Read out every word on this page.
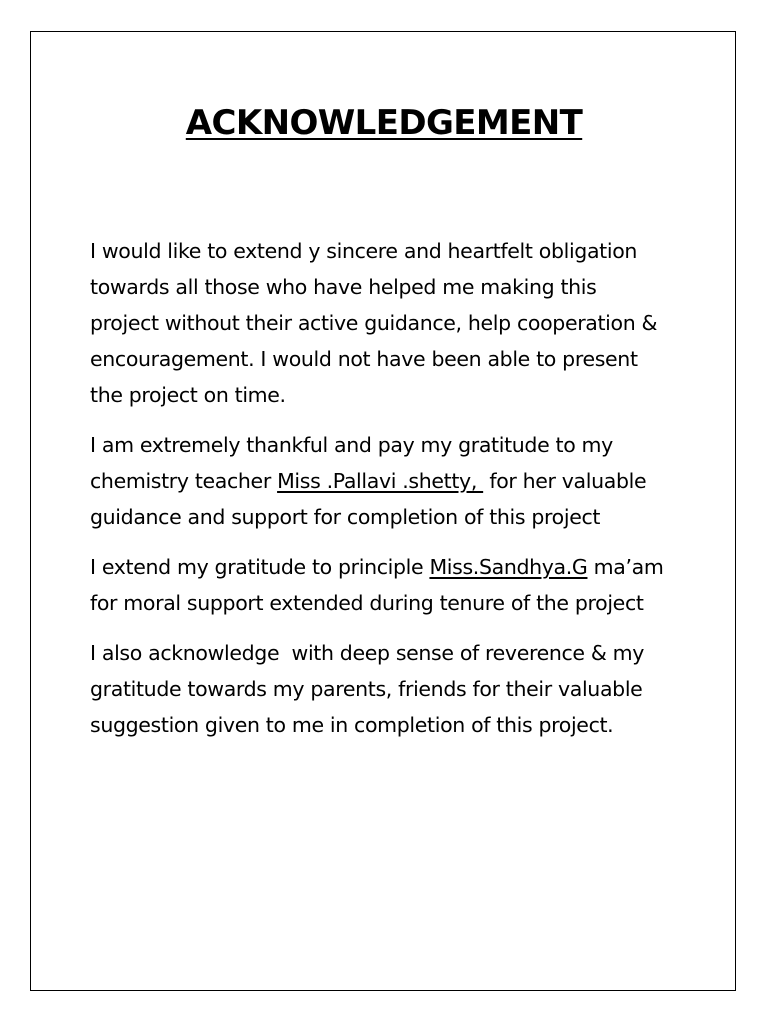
ACKNOWLEDGEMENT

I would like to extend y sincere and heartfelt obligation
towards all those who have helped me making this
project without their active guidance, help cooperation &
encouragement. I would not have been able to present
the project on time.

I am extremely thankful and pay my gratitude to my
chemistry teacher Miss .Pallavi .shetty,  for her valuable
guidance and support for completion of this project

I extend my gratitude to principle Miss.Sandhya.G ma’am
for moral support extended during tenure of the project

I also acknowledge  with deep sense of reverence & my
gratitude towards my parents, friends for their valuable
suggestion given to me in completion of this project.
